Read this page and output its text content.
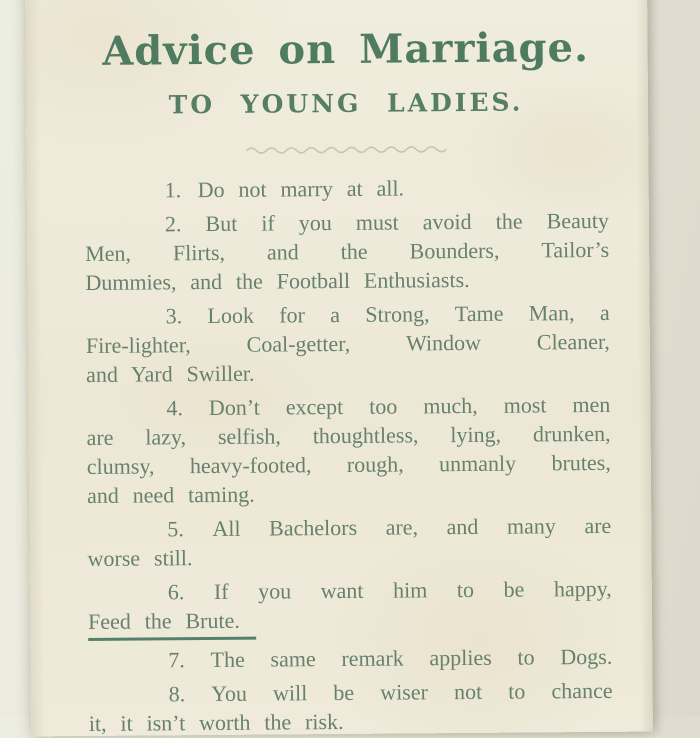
Advice on Marriage.
TO YOUNG LADIES.
1. Do not marry at all.
2. But if you must avoid the Beauty
Men, Flirts, and the Bounders, Tailor’s
Dummies, and the Football Enthusiasts.
3. Look for a Strong, Tame Man, a
Fire-lighter,	Coal-getter,	Window	Cleaner,
and Yard Swiller.
4. Don’t except too much, most men
are lazy, selfish, thoughtless, lying, drunken,
clumsy, heavy-footed, rough, unmanly brutes,
and need taming.
5. All Bachelors are, and many are
worse still.
6. If you want him to be happy,
Feed the Brute.
7. The same remark applies to Dogs.
8. You will be wiser not to chance
it, it isn’t worth the risk.
